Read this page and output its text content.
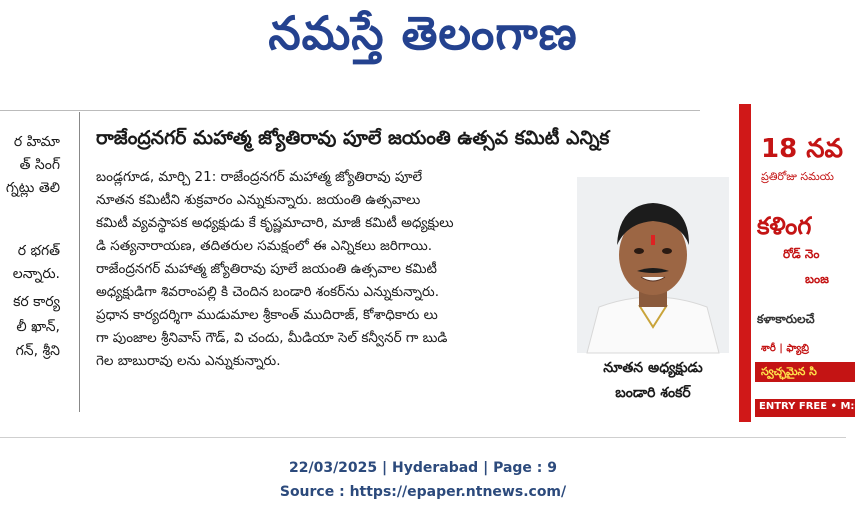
నమస్తే తెలంగాణ
ర హిమా
త్ సింగ్
గ్నట్లు తెలి
ర భగత్
లన్నారు.
కర కార్య
లీ ఖాన్,
గన్, శ్రీని
రాజేంద్రనగర్ మహాత్మ జ్యోతిరావు పూలే జయంతి ఉత్సవ కమిటీ ఎన్నిక
బండ్లగూడ, మార్చి 21: రాజేంద్రనగర్ మహాత్మ జ్యోతిరావు పూలే
నూతన కమిటీని శుక్రవారం ఎన్నుకున్నారు. జయంతి ఉత్సవాలు
కమిటీ వ్యవస్థాపక అధ్యక్షుడు కే కృష్ణమాచారి, మాజీ కమిటీ అధ్యక్షులు
డి సత్యనారాయణ, తదితరుల సమక్షంలో ఈ ఎన్నికలు జరిగాయి.
రాజేంద్రనగర్ మహాత్మ జ్యోతిరావు పూలే జయంతి ఉత్సవాల కమిటీ
అధ్యక్షుడిగా శివరాంపల్లి కి చెందిన బండారి శంకర్‌ను ఎన్నుకున్నారు.
ప్రధాన కార్యదర్శిగా ముడుమాల శ్రీకాంత్ ముదిరాజ్, కోశాధికారు లు
గా పుంజాల శ్రీనివాస్ గౌడ్, వి చందు, మీడియా సెల్ కన్వీనర్ గా బుడి
గెల బాబురావు లను ఎన్నుకున్నారు.	నూతన అధ్యక్షుడు
బండారి శంకర్
18 నవ
ప్రతిరోజు సమయ
కళింగ
రోడ్ నెం
బంజ
కళాకారులచే
శారీ | ఫ్యాబ్రి
స్వచ్ఛమైన సి
ENTRY FREE • M:94
22/03/2025 | Hyderabad | Page : 9
Source : https://epaper.ntnews.com/
